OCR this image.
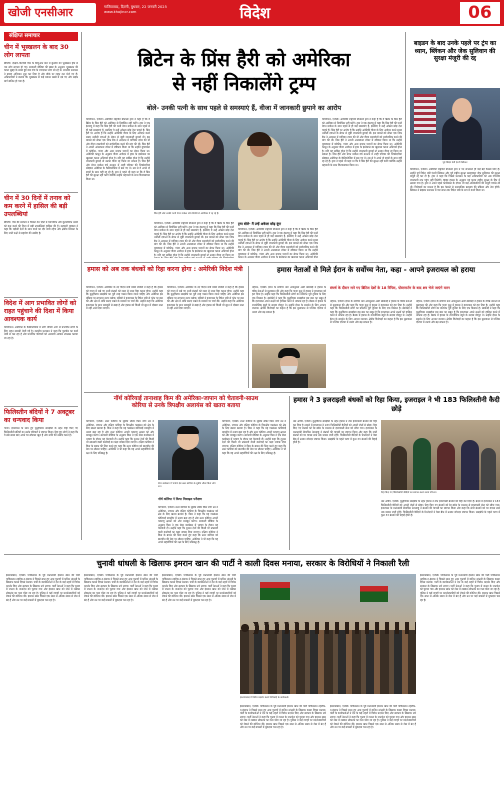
खोजी एनसीआर	गाजियाबाद, दिल्ली, बुधवार, 22 जनवरी 2025
www.khojincr.com	विदेश	06
संक्षिप्त समाचार
चीन में भूस्खलन के बाद 30 लोग लापता
बीजिंग। दक्षिण-पश्चिमी चीन के सिचुआन प्रांत में बुधवार को भूस्खलन होने से 30 लोग लापता हो गए। सरकारी मीडिया की खबर के अनुसार भूस्खलन की घटना सुबह के समय हुई जब गांव के ज्यादातर लोग सो रहे थे। स्थानीय प्रशासन ने बचाव अभियान शुरू कर दिया है और मौके पर राहत दल भेजे गए हैं। अधिकारियों ने बताया कि भूस्खलन से कई मकान मलबे में दब गए और सड़क मार्ग बाधित हो गया है।
चीन में 30 दिनों में तनाव को कम करने में हासिल की बड़ी उपलब्धियां
बीजिंग। चीन की सरकार ने पिछले 30 दिनों में व्यापारिक और कूटनीतिक तनाव को कम करने की दिशा में बड़ी उपलब्धियां हासिल की हैं। सरकारी प्रवक्ता ने कहा कि पड़ोसी देशों के साथ वार्ता का दौर जारी रहेगा और क्षेत्रीय स्थिरता के लिए सभी पक्षों से सहयोग की उम्मीद है।
विदेश में आग प्रभावित लोगों को राहत पहुंचाने की दिशा में किया आवश्यक कार्य
वाशिंगटन। अमेरिका के कैलिफोर्निया में लगी भीषण आग से प्रभावित लोगों के लिए राहत सामग्री भेजी गई है। स्थानीय प्रशासन ने कहा कि पुनर्वास का कार्य तेज़ी से चल रहा है और प्रभावित परिवारों को अस्थायी आवास उपलब्ध कराया जा रहा है।
फिलिस्तीन बंदियों ने 7 अक्टूबर का धन्यवाद किया
गाजा। इजरायल के साथ हुए युद्धविराम समझौते के तहत रिहा किए गए फिलिस्तीनी बंदियों का उनके परिवारों ने स्वागत किया। रिहा हुए लोगों ने कहा कि वे लंबे समय बाद अपने घर लौटकर खुश हैं और शांति की उम्मीद करते हैं।
ब्रिटेन के प्रिंस हैरी को अमेरिका
से नहीं निकालेंगे ट्रम्प
बोले- उनकी पत्नी के साथ पहले से समस्याएं हैं, वीजा में जानकारी छुपाने का आरोप
वाशिंगटन, एजेंसी। अमेरिकी राष्ट्रपति डोनाल्ड ट्रम्प ने कहा है कि वे ब्रिटेन के प्रिंस हैरी को अमेरिका से निर्वासित नहीं करेंगे। ट्रम्प ने एक इंटरव्यू में कहा कि प्रिंस हैरी की पत्नी मेगन मार्कल के साथ पहले से ही कई समस्याएं हैं, इसलिए वे उन्हें अकेला छोड़ देना चाहते हैं। प्रिंस हैरी पर आरोप है कि उन्होंने अमेरिकी वीजा के लिए आवेदन करते समय नशीली दवाओं के सेवन से जुड़ी जानकारी छुपाई थी। इस मामले को लेकर एक थिंक टैंक ने अदालत में याचिका दायर की थी और वीजा दस्तावेजों को सार्वजनिक करने की मांग की थी। प्रिंस हैरी ने अपनी आत्मकथा स्पेयर में स्वीकार किया था कि उन्होंने युवावस्था में कोकीन, गांजा और अन्य मादक पदार्थों का सेवन किया था। अमेरिकी कानून के अनुसार वीजा आवेदन में ड्रग्स के इस्तेमाल का खुलासा करना अनिवार्य होता है। यदि यह साबित होता है कि उन्होंने जानकारी छुपाई तो उनका वीजा रद्द किया जा सकता है। प्रिंस हैरी और मेगन मार्कल वर्ष 2020 में शाही परिवार की जिम्मेदारियां छोड़कर अमेरिका के कैलिफोर्निया में बस गए थे। तब से वे अपने दो बच्चों के साथ वहीं रह रहे हैं। ट्रम्प ने पहले भी कहा था कि वे प्रिंस हैरी की सुरक्षा नहीं करेंगे क्योंकि उन्होंने महारानी के साथ विश्वासघात किया था।
प्रिंस हैरी और उनकी पत्नी मेगन मार्कल वर्ष 2020 से अमेरिका में रह रहे हैं।
वाशिंगटन, एजेंसी। अमेरिकी राष्ट्रपति डोनाल्ड ट्रम्प ने कहा है कि वे ब्रिटेन के प्रिंस हैरी को अमेरिका से निर्वासित नहीं करेंगे। ट्रम्प ने एक इंटरव्यू में कहा कि प्रिंस हैरी की पत्नी मेगन मार्कल के साथ पहले से ही कई समस्याएं हैं, इसलिए वे उन्हें अकेला छोड़ देना चाहते हैं। प्रिंस हैरी पर आरोप है कि उन्होंने अमेरिकी वीजा के लिए आवेदन करते समय नशीली दवाओं के सेवन से जुड़ी जानकारी छुपाई थी। इस मामले को लेकर एक थिंक टैंक ने अदालत में याचिका दायर की थी और वीजा दस्तावेजों को सार्वजनिक करने की मांग की थी। प्रिंस हैरी ने अपनी आत्मकथा स्पेयर में स्वीकार किया था कि उन्होंने युवावस्था में कोकीन, गांजा और अन्य मादक पदार्थों का सेवन किया था। अमेरिकी कानून के अनुसार वीजा आवेदन में ड्रग्स के इस्तेमाल का खुलासा करना अनिवार्य होता है। यदि यह साबित होता है कि उन्होंने जानकारी छुपाई तो उनका वीजा रद्द किया जा
ट्रम्प बोले- मैं उन्हें अकेला छोड़ दूंगा
वाशिंगटन, एजेंसी। अमेरिकी राष्ट्रपति डोनाल्ड ट्रम्प ने कहा है कि वे ब्रिटेन के प्रिंस हैरी को अमेरिका से निर्वासित नहीं करेंगे। ट्रम्प ने एक इंटरव्यू में कहा कि प्रिंस हैरी की पत्नी मेगन मार्कल के साथ पहले से ही कई समस्याएं हैं, इसलिए वे उन्हें अकेला छोड़ देना चाहते हैं। प्रिंस हैरी पर आरोप है कि उन्होंने अमेरिकी वीजा के लिए आवेदन करते समय नशीली दवाओं के सेवन से जुड़ी जानकारी छुपाई थी। इस मामले को लेकर एक थिंक टैंक ने अदालत में याचिका दायर की थी और वीजा दस्तावेजों को सार्वजनिक करने की मांग की थी। प्रिंस हैरी ने अपनी आत्मकथा स्पेयर में स्वीकार किया था कि उन्होंने युवावस्था में कोकीन, गांजा और अन्य मादक पदार्थों का सेवन किया था। अमेरिकी कानून के अनुसार वीजा आवेदन में ड्रग्स के इस्तेमाल का खुलासा करना अनिवार्य होता
वाशिंगटन, एजेंसी। अमेरिकी राष्ट्रपति डोनाल्ड ट्रम्प ने कहा है कि वे ब्रिटेन के प्रिंस हैरी को अमेरिका से निर्वासित नहीं करेंगे। ट्रम्प ने एक इंटरव्यू में कहा कि प्रिंस हैरी की पत्नी मेगन मार्कल के साथ पहले से ही कई समस्याएं हैं, इसलिए वे उन्हें अकेला छोड़ देना चाहते हैं। प्रिंस हैरी पर आरोप है कि उन्होंने अमेरिकी वीजा के लिए आवेदन करते समय नशीली दवाओं के सेवन से जुड़ी जानकारी छुपाई थी। इस मामले को लेकर एक थिंक टैंक ने अदालत में याचिका दायर की थी और वीजा दस्तावेजों को सार्वजनिक करने की मांग की थी। प्रिंस हैरी ने अपनी आत्मकथा स्पेयर में स्वीकार किया था कि उन्होंने युवावस्था में कोकीन, गांजा और अन्य मादक पदार्थों का सेवन किया था। अमेरिकी कानून के अनुसार वीजा आवेदन में ड्रग्स के इस्तेमाल का खुलासा करना अनिवार्य होता है। यदि यह साबित होता है कि उन्होंने जानकारी छुपाई तो उनका वीजा रद्द किया जा सकता है। प्रिंस हैरी और मेगन मार्कल वर्ष 2020 में शाही परिवार की जिम्मेदारियां छोड़कर अमेरिका के कैलिफोर्निया में बस गए थे। तब से वे अपने दो बच्चों के साथ वहीं रह रहे हैं। ट्रम्प ने पहले भी कहा था कि वे प्रिंस हैरी की सुरक्षा नहीं करेंगे क्योंकि उन्होंने महारानी के साथ विश्वासघात किया था।
बाइडन के बाद उनके पहले पर ट्रंप का ध्यान, ब्लिंकन और जेक सुलिवान की सुरक्षा मंजूरी की रद्द
पूर्व विदेश मंत्री एंटनी ब्लिंकन
वाशिंगटन, एजेंसी। अमेरिकी राष्ट्रपति डोनाल्ड ट्रम्प ने पद संभालते ही कई बड़े फैसले लिए हैं। उन्होंने पूर्व विदेश मंत्री एंटनी ब्लिंकन और पूर्व राष्ट्रीय सुरक्षा सलाहकार जेक सुलिवान की सुरक्षा मंजूरी रद्द कर दी है। ट्रम्प ने कहा कि पिछले प्रशासन के कई अधिकारियों को अब गोपनीय जानकारी तक पहुंच नहीं मिलेगी। व्हाइट हाउस के अनुसार यह कदम राष्ट्रीय सुरक्षा के हित में उठाया गया है। ट्रम्प ने अपने पहले कार्यकाल के दौरान भी कई अधिकारियों की मंजूरी वापस ली थी। विशेषज्ञों का मानना है कि इस फैसले से प्रशासनिक बदलाव की प्रक्रिया और तेज होगी। ब्लिंकन ने बाइडन प्रशासन में चार साल तक विदेश मंत्री के रूप में कार्य किया था।
हमास को अब तक बंधकों को रिहा करना होगा : अमेरिकी विदेश मंत्री
वाशिंगटन, एजेंसी। अमेरिका के नए विदेश मंत्री मार्को रुबियो ने कहा है कि हमास को गाजा में रखे गए सभी बंधकों को जल्द से जल्द रिहा करना होगा। उन्होंने कहा कि युद्धविराम समझौते का पूरी तरह पालन किया जाना चाहिए और अमेरिका इस प्रक्रिया पर लगातार नजर रखेगा। रुबियो ने इजरायल के विदेश मंत्री से फोन पर बात की और क्षेत्र में शांति बनाए रखने के प्रयासों पर चर्चा की। उन्होंने कहा कि अमेरिका इजरायल के साथ मजबूती से खड़ा है और हमास को किसी भी सूरत में दोबारा सत्ता में नहीं आने दिया जाएगा।
वाशिंगटन, एजेंसी। अमेरिका के नए विदेश मंत्री मार्को रुबियो ने कहा है कि हमास को गाजा में रखे गए सभी बंधकों को जल्द से जल्द रिहा करना होगा। उन्होंने कहा कि युद्धविराम समझौते का पूरी तरह पालन किया जाना चाहिए और अमेरिका इस प्रक्रिया पर लगातार नजर रखेगा। रुबियो ने इजरायल के विदेश मंत्री से फोन पर बात की और क्षेत्र में शांति बनाए रखने के प्रयासों पर चर्चा की। उन्होंने कहा कि अमेरिका इजरायल के साथ मजबूती से खड़ा है और हमास को किसी भी सूरत में दोबारा सत्ता में नहीं आने दिया जाएगा।
हमास नेताओं से मिले ईरान के सर्वोच्च नेता, कहा - आपने इजरायल को हराया
संघर्ष के दौरान मारे गए ब्रिटिश देशों के 18 रिपिस, पोस्टमार्टम के बाद शव भेजे जाएंगे वतन
तेहरान, एजेंसी। ईरान के सर्वोच्च नेता अयातुल्ला अली खामेनेई ने हमास के वरिष्ठ नेताओं से मुलाकात की और कहा कि गाजा युद्ध में हमास ने इजरायल को हरा दिया है। उन्होंने कहा कि फिलिस्तीनी लोगों का प्रतिरोध पूरी दुनिया के लिए एक मिसाल है। खामेनेई ने कहा कि युद्धविराम समझौता इस बात का सबूत है कि इजरायल अपने लक्ष्यों को हासिल करने में नाकाम रहा है। बैठक में हमास के राजनीतिक ब्यूरो के सदस्य मौजूद थे। उन्होंने ईरान के समर्थन के लिए आभार जताया। क्षेत्रीय विशेषज्ञों का कहना है कि इस मुलाकात से पश्चिम एशिया में तनाव और बढ़ सकता है।
तेहरान, एजेंसी। ईरान के सर्वोच्च नेता अयातुल्ला अली खामेनेई ने हमास के वरिष्ठ नेताओं से मुलाकात की और कहा कि गाजा युद्ध में हमास ने इजरायल को हरा दिया है। उन्होंने कहा कि फिलिस्तीनी लोगों का प्रतिरोध पूरी दुनिया के लिए एक मिसाल है। खामेनेई ने कहा कि युद्धविराम समझौता इस बात का सबूत है कि इजरायल अपने लक्ष्यों को हासिल करने में नाकाम रहा है। बैठक में हमास के राजनीतिक ब्यूरो के सदस्य मौजूद थे। उन्होंने ईरान के समर्थन के लिए आभार जताया। क्षेत्रीय विशेषज्ञों का कहना है कि इस मुलाकात से पश्चिम एशिया में तनाव और बढ़ सकता है।
तेहरान, एजेंसी। ईरान के सर्वोच्च नेता अयातुल्ला अली खामेनेई ने हमास के वरिष्ठ नेताओं से मुलाकात की और कहा कि गाजा युद्ध में हमास ने इजरायल को हरा दिया है। उन्होंने कहा कि फिलिस्तीनी लोगों का प्रतिरोध पूरी दुनिया के लिए एक मिसाल है। खामेनेई ने कहा कि युद्धविराम समझौता इस बात का सबूत है कि इजरायल अपने लक्ष्यों को हासिल करने में नाकाम रहा है। बैठक में हमास के राजनीतिक ब्यूरो के सदस्य मौजूद थे। उन्होंने ईरान के समर्थन के लिए आभार जताया। क्षेत्रीय विशेषज्ञों का कहना है कि इस मुलाकात से पश्चिम एशिया में तनाव और बढ़ सकता है।
नॉर्थ कोरियाई तानाशाह किम की अमेरिका-जापान को चेतावनी-साउथ
कोरिया से उनके त्रिपक्षीय अलायंस को खतरा बताया
प्योंगयांग, एजेंसी। उत्तर कोरिया के सुप्रीम लीडर किम जोंग उन ने अमेरिका, जापान और दक्षिण कोरिया के त्रिपक्षीय गठबंधन को क्षेत्र के लिए खतरा बताया है। किम ने कहा कि यह गठबंधन कोरियाई प्रायद्वीप में तनाव बढ़ा रहा है और उत्तर कोरिया अपनी परमाणु क्षमता को और मजबूत करेगा। सरकारी मीडिया के अनुसार किम ने एक सैन्य कार्यक्रम में भाषण के दौरान यह चेतावनी दी। उन्होंने कहा कि दुश्मन देशों की किसी भी उकसावे वाली कार्रवाई का कड़ा जवाब दिया जाएगा। दक्षिण कोरिया ने किम के बयान की निंदा करते हुए कहा कि उत्तर कोरिया को बातचीत की मेज पर लौटना चाहिए। अमेरिका ने भी कहा कि वह अपने सहयोगियों की रक्षा के लिए प्रतिबद्ध है।
सैन्य कार्यक्रम में भाषण देते उत्तर कोरिया के सुप्रीम लीडर किम जोंग उन।
नॉर्थ कोरिया ने किया मिसाइल परीक्षण
प्योंगयांग, एजेंसी। उत्तर कोरिया के सुप्रीम लीडर किम जोंग उन ने अमेरिका, जापान और दक्षिण कोरिया के त्रिपक्षीय गठबंधन को क्षेत्र के लिए खतरा बताया है। किम ने कहा कि यह गठबंधन कोरियाई प्रायद्वीप में तनाव बढ़ा रहा है और उत्तर कोरिया अपनी परमाणु क्षमता को और मजबूत करेगा। सरकारी मीडिया के अनुसार किम ने एक सैन्य कार्यक्रम में भाषण के दौरान यह चेतावनी दी। उन्होंने कहा कि दुश्मन देशों की किसी भी उकसावे वाली कार्रवाई का कड़ा जवाब दिया जाएगा। दक्षिण कोरिया ने किम के बयान की निंदा करते हुए कहा कि उत्तर कोरिया को बातचीत की मेज पर लौटना चाहिए। अमेरिका ने भी कहा कि वह अपने सहयोगियों की रक्षा के लिए प्रतिबद्ध है।
प्योंगयांग, एजेंसी। उत्तर कोरिया के सुप्रीम लीडर किम जोंग उन ने अमेरिका, जापान और दक्षिण कोरिया के त्रिपक्षीय गठबंधन को क्षेत्र के लिए खतरा बताया है। किम ने कहा कि यह गठबंधन कोरियाई प्रायद्वीप में तनाव बढ़ा रहा है और उत्तर कोरिया अपनी परमाणु क्षमता को और मजबूत करेगा। सरकारी मीडिया के अनुसार किम ने एक सैन्य कार्यक्रम में भाषण के दौरान यह चेतावनी दी। उन्होंने कहा कि दुश्मन देशों की किसी भी उकसावे वाली कार्रवाई का कड़ा जवाब दिया जाएगा। दक्षिण कोरिया ने किम के बयान की निंदा करते हुए कहा कि उत्तर कोरिया को बातचीत की मेज पर लौटना चाहिए। अमेरिका ने भी कहा कि वह अपने सहयोगियों की रक्षा के लिए प्रतिबद्ध है।
हमास ने 3 इजराइली बंधकों को रिहा किया, इजराइल ने भी 183 फिलिस्तीनी कैदी छोड़े
तेल अवीव, एजेंसी। युद्धविराम समझौते के तहत हमास ने तीन इजरायली बंधकों को रिहा कर दिया है। बदले में इजरायल ने 183 फिलिस्तीनी कैदियों को अपनी जेलों से छोड़ा। रिहा किए गए बंधकों को रेड क्रॉस के माध्यम से इजरायली सेना को सौंपा गया। इजरायल के प्रधानमंत्री बेंजामिन नेतन्याहू ने बंधकों की वापसी का स्वागत किया और कहा कि सभी बंधकों को घर वापस लाने तक प्रयास जारी रहेंगे। फिलिस्तीनी कैदियों के रिश्तेदारों ने वेस्ट बैंक में उनका जोरदार स्वागत किया। समझौते के पहले चरण में कुल 33 बंधकों की रिहाई होनी है।
रिहा किए गए फिलिस्तीनी कैदियों का स्वागत करते उनके परिजन।
तेल अवीव, एजेंसी। युद्धविराम समझौते के तहत हमास ने तीन इजरायली बंधकों को रिहा कर दिया है। बदले में इजरायल ने 183 फिलिस्तीनी कैदियों को अपनी जेलों से छोड़ा। रिहा किए गए बंधकों को रेड क्रॉस के माध्यम से इजरायली सेना को सौंपा गया। इजरायल के प्रधानमंत्री बेंजामिन नेतन्याहू ने बंधकों की वापसी का स्वागत किया और कहा कि सभी बंधकों को घर वापस लाने तक प्रयास जारी रहेंगे। फिलिस्तीनी कैदियों के रिश्तेदारों ने वेस्ट बैंक में उनका जोरदार स्वागत किया। समझौते के पहले चरण में कुल 33 बंधकों की रिहाई होनी है।
चुनावी धांधली के खिलाफ इमरान खान की पार्टी ने काली दिवस मनाया, सरकार के विरोधियों ने निकाली रैली
इस्लामाबाद, एजेंसी। पाकिस्तान के पूर्व प्रधानमंत्री इमरान खान की पार्टी पाकिस्तान तहरीक-ए-इंसाफ ने पिछले साल हुए आम चुनावों में कथित धांधली के खिलाफ काला दिवस मनाया। पार्टी के कार्यकर्ताओं ने देश के कई शहरों में विरोध प्रदर्शन किए और सरकार के खिलाफ नारे लगाए। पार्टी नेताओं ने कहा कि चुनाव में जनता के जनादेश को चुराया गया और इमरान खान को जेल में रखकर लोकतंत्र का गला घोंटा जा रहा है। पुलिस ने कई जगहों पर प्रदर्शनकारियों को रोकने की कोशिश की। इमरान खान पिछले एक साल से अधिक समय से जेल में बंद हैं और उन पर कई मामलों में मुकदमा चल रहा है।
इस्लामाबाद, एजेंसी। पाकिस्तान के पूर्व प्रधानमंत्री इमरान खान की पार्टी पाकिस्तान तहरीक-ए-इंसाफ ने पिछले साल हुए आम चुनावों में कथित धांधली के खिलाफ काला दिवस मनाया। पार्टी के कार्यकर्ताओं ने देश के कई शहरों में विरोध प्रदर्शन किए और सरकार के खिलाफ नारे लगाए। पार्टी नेताओं ने कहा कि चुनाव में जनता के जनादेश को चुराया गया और इमरान खान को जेल में रखकर लोकतंत्र का गला घोंटा जा रहा है। पुलिस ने कई जगहों पर प्रदर्शनकारियों को रोकने की कोशिश की। इमरान खान पिछले एक साल से अधिक समय से जेल में बंद हैं और उन पर कई मामलों में मुकदमा चल रहा है।
इस्लामाबाद, एजेंसी। पाकिस्तान के पूर्व प्रधानमंत्री इमरान खान की पार्टी पाकिस्तान तहरीक-ए-इंसाफ ने पिछले साल हुए आम चुनावों में कथित धांधली के खिलाफ काला दिवस मनाया। पार्टी के कार्यकर्ताओं ने देश के कई शहरों में विरोध प्रदर्शन किए और सरकार के खिलाफ नारे लगाए। पार्टी नेताओं ने कहा कि चुनाव में जनता के जनादेश को चुराया गया और इमरान खान को जेल में रखकर लोकतंत्र का गला घोंटा जा रहा है। पुलिस ने कई जगहों पर प्रदर्शनकारियों को रोकने की कोशिश की। इमरान खान पिछले एक साल से अधिक समय से जेल में बंद हैं और उन पर कई मामलों में मुकदमा चल रहा है।
इस्लामाबाद में विरोध प्रदर्शन करते पीटीआई के कार्यकर्ता।
इस्लामाबाद, एजेंसी। पाकिस्तान के पूर्व प्रधानमंत्री इमरान खान की पार्टी पाकिस्तान तहरीक-ए-इंसाफ ने पिछले साल हुए आम चुनावों में कथित धांधली के खिलाफ काला दिवस मनाया। पार्टी के कार्यकर्ताओं ने देश के कई शहरों में विरोध प्रदर्शन किए और सरकार के खिलाफ नारे लगाए। पार्टी नेताओं ने कहा कि चुनाव में जनता के जनादेश को चुराया गया और इमरान खान को जेल में रखकर लोकतंत्र का गला घोंटा जा रहा है। पुलिस ने कई जगहों पर प्रदर्शनकारियों को रोकने की कोशिश की। इमरान खान पिछले एक साल से अधिक समय से जेल में बंद हैं और उन पर कई मामलों में मुकदमा चल रहा है।
इस्लामाबाद, एजेंसी। पाकिस्तान के पूर्व प्रधानमंत्री इमरान खान की पार्टी पाकिस्तान तहरीक-ए-इंसाफ ने पिछले साल हुए आम चुनावों में कथित धांधली के खिलाफ काला दिवस मनाया। पार्टी के कार्यकर्ताओं ने देश के कई शहरों में विरोध प्रदर्शन किए और सरकार के खिलाफ नारे लगाए। पार्टी नेताओं ने कहा कि चुनाव में जनता के जनादेश को चुराया गया और इमरान खान को जेल में रखकर लोकतंत्र का गला घोंटा जा रहा है। पुलिस ने कई जगहों पर प्रदर्शनकारियों को रोकने की कोशिश की। इमरान खान पिछले एक साल से अधिक समय से जेल में बंद हैं और उन पर कई मामलों में मुकदमा चल रहा है।
इस्लामाबाद, एजेंसी। पाकिस्तान के पूर्व प्रधानमंत्री इमरान खान की पार्टी पाकिस्तान तहरीक-ए-इंसाफ ने पिछले साल हुए आम चुनावों में कथित धांधली के खिलाफ काला दिवस मनाया। पार्टी के कार्यकर्ताओं ने देश के कई शहरों में विरोध प्रदर्शन किए और सरकार के खिलाफ नारे लगाए। पार्टी नेताओं ने कहा कि चुनाव में जनता के जनादेश को चुराया गया और इमरान खान को जेल में रखकर लोकतंत्र का गला घोंटा जा रहा है। पुलिस ने कई जगहों पर प्रदर्शनकारियों को रोकने की कोशिश की। इमरान खान पिछले एक साल से अधिक समय से जेल में बंद हैं और उन पर कई मामलों में मुकदमा चल रहा है।
